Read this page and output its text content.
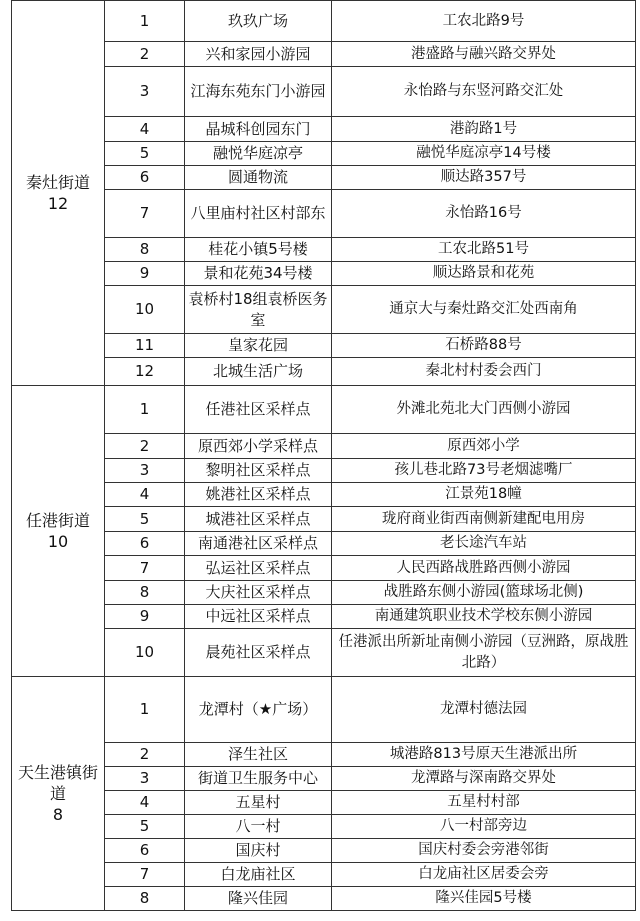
秦灶街道
12	1	玖玖广场	工农北路9号
	2	兴和家园小游园	港盛路与融兴路交界处
	3	江海东苑东门小游园	永怡路与东竖河路交汇处
	4	晶城科创园东门	港韵路1号
	5	融悦华庭凉亭	融悦华庭凉亭14号楼
	6	圆通物流	顺达路357号
	7	八里庙村社区村部东	永怡路16号
	8	桂花小镇5号楼	工农北路51号
	9	景和花苑34号楼	顺达路景和花苑
	10	袁桥村18组袁桥医务室	通京大与秦灶路交汇处西南角
	11	皇家花园	石桥路88号
	12	北城生活广场	秦北村村委会西门
任港街道
10	1	任港社区采样点	外滩北苑北大门西侧小游园
	2	原西郊小学采样点	原西郊小学
	3	黎明社区采样点	孩儿巷北路73号老烟滤嘴厂
	4	姚港社区采样点	江景苑18幢
	5	城港社区采样点	珑府商业街西南侧新建配电用房
	6	南通港社区采样点	老长途汽车站
	7	弘运社区采样点	人民西路战胜路西侧小游园
	8	大庆社区采样点	战胜路东侧小游园(篮球场北侧)
	9	中远社区采样点	南通建筑职业技术学校东侧小游园
	10	晨苑社区采样点	任港派出所新址南侧小游园（豆洲路，原战胜北路）
天生港镇街道
8	1	龙潭村（★广场）	龙潭村德法园
	2	泽生社区	城港路813号原天生港派出所
	3	街道卫生服务中心	龙潭路与深南路交界处
	4	五星村	五星村村部
	5	八一村	八一村部旁边
	6	国庆村	国庆村委会旁港邻街
	7	白龙庙社区	白龙庙社区居委会旁
	8	隆兴佳园	隆兴佳园5号楼
